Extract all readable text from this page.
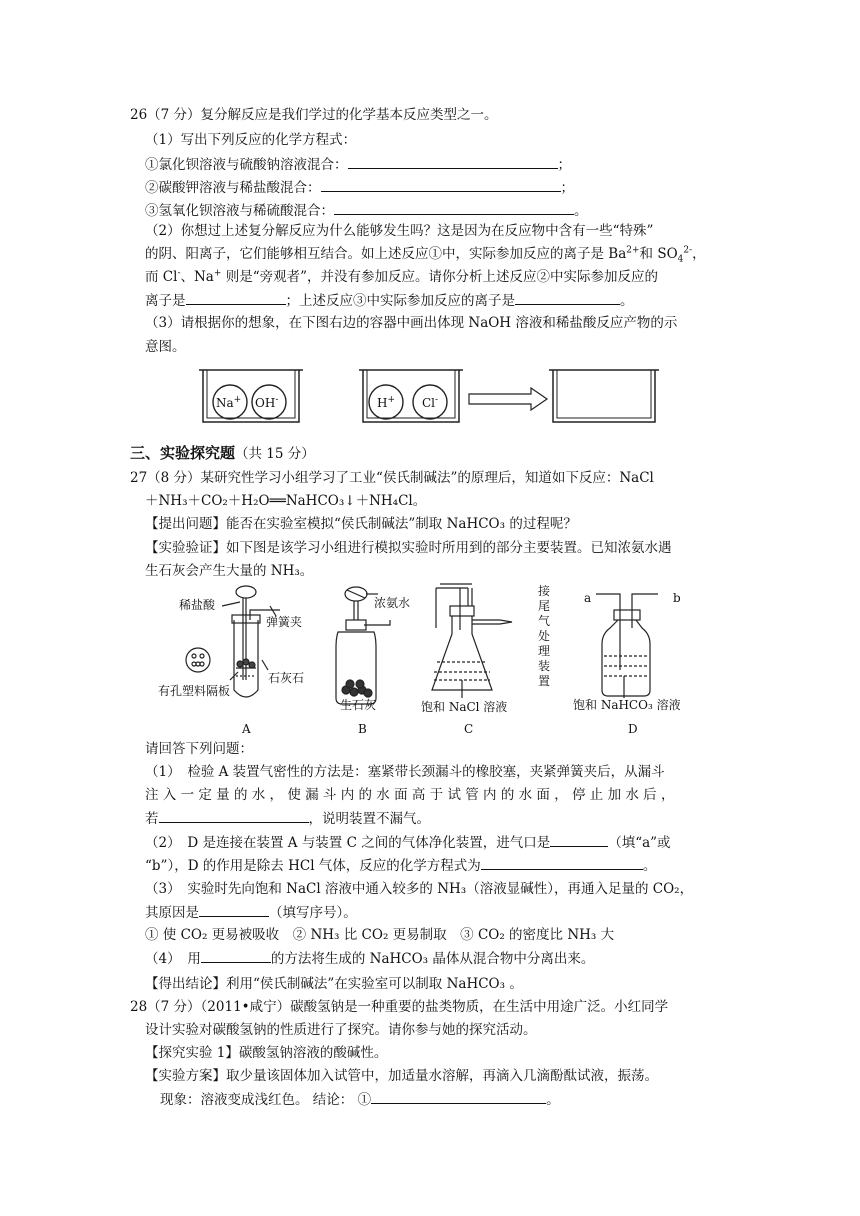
26（7 分）复分解反应是我们学过的化学基本反应类型之一。
（1）写出下列反应的化学方程式：
①氯化钡溶液与硫酸钠溶液混合：	；
②碳酸钾溶液与稀盐酸混合：	；
③氢氧化钡溶液与稀硫酸混合：	。
（2）你想过上述复分解反应为什么能够发生吗？这是因为在反应物中含有一些“特殊”
的阴、阳离子，它们能够相互结合。如上述反应①中，实际参加反应的离子是 $Ba^{2+}$和 $SO_4^{2-}$，
而 Cl-、Na+ 则是“旁观者”，并没有参加反应。请你分析上述反应②中实际参加反应的
离子是	；上述反应③中实际参加反应的离子是	。
（3）请根据你的想象，在下图右边的容器中画出体现 NaOH 溶液和稀盐酸反应产物的示
意图。
Na+ OH-	H+ Cl-
三、实验探究题（共 15 分）
27（8 分）某研究性学习小组学习了工业“侯氏制碱法”的原理后，知道如下反应：NaCl
＋NH₃＋CO₂＋H₂O══NaHCO₃↓＋NH₄Cl。
【提出问题】能否在实验室模拟“侯氏制碱法”制取 NaHCO₃ 的过程呢？
【实验验证】如下图是该学习小组进行模拟实验时所用到的部分主要装置。已知浓氨水遇
生石灰会产生大量的 NH₃。
稀盐酸
弹簧夹
石灰石
有孔塑料隔板
A
浓氨水
生石灰
B
饱和 NaCl 溶液
接尾气处理装置
C
a	b
饱和 NaHCO₃ 溶液
D
请回答下列问题：
（1）　检验 A 装置气密性的方法是：塞紧带长颈漏斗的橡胶塞，夹紧弹簧夹后，从漏斗
注 入 一 定 量 的 水 ， 使 漏 斗 内 的 水 面 高 于 试 管 内 的 水 面 ， 停 止 加 水 后 ，
若	，说明装置不漏气。
（2）　D 是连接在装置 A 与装置 C 之间的气体净化装置，进气口是	（填“a”或
“b”），D 的作用是除去 HCl 气体，反应的化学方程式为	。
（3）　实验时先向饱和 NaCl 溶液中通入较多的 NH₃（溶液显碱性），再通入足量的 CO₂，
其原因是	（填写序号）。
① 使 CO₂ 更易被吸收　② NH₃ 比 CO₂ 更易制取　③ CO₂ 的密度比 NH₃ 大
（4）　用	的方法将生成的 NaHCO₃ 晶体从混合物中分离出来。
【得出结论】利用“侯氏制碱法”在实验室可以制取 NaHCO₃ 。
28（7 分）（2011•咸宁）碳酸氢钠是一种重要的盐类物质，在生活中用途广泛。小红同学
设计实验对碳酸氢钠的性质进行了探究。请你参与她的探究活动。
【探究实验 1】碳酸氢钠溶液的酸碱性。
【实验方案】取少量该固体加入试管中，加适量水溶解，再滴入几滴酚酞试液，振荡。
现象：溶液变成浅红色。 结论： ①	。
